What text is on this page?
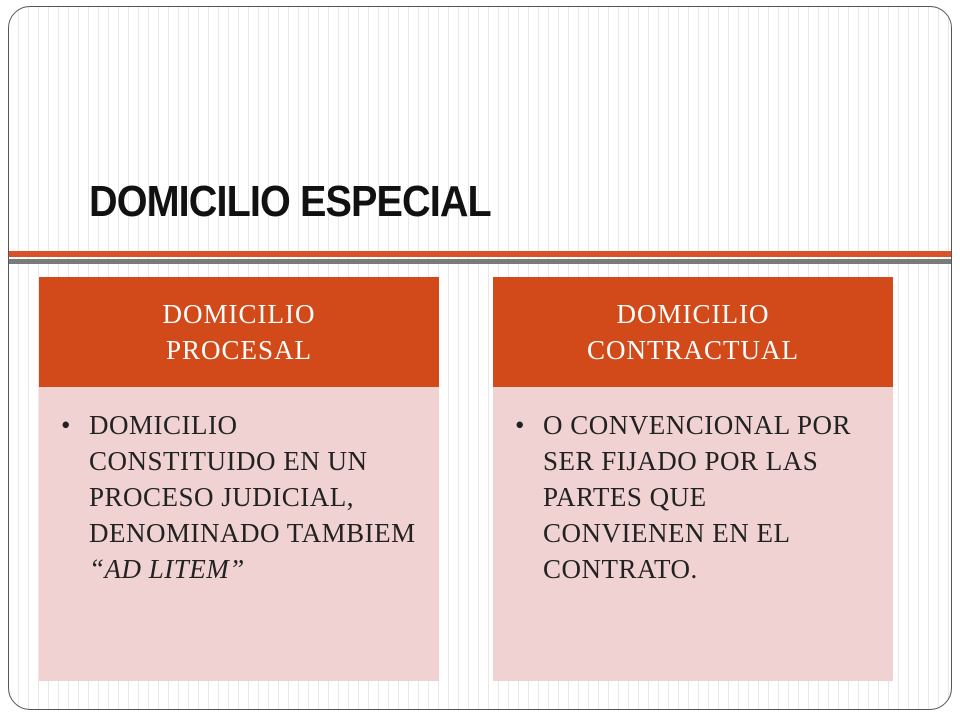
DOMICILIO ESPECIAL
DOMICILIO PROCESAL
• DOMICILIO CONSTITUIDO EN UN PROCESO JUDICIAL, DENOMINADO TAMBIEM “AD LITEM”
DOMICILIO CONTRACTUAL
• O CONVENCIONAL POR SER FIJADO POR LAS PARTES QUE CONVIENEN EN EL CONTRATO.
